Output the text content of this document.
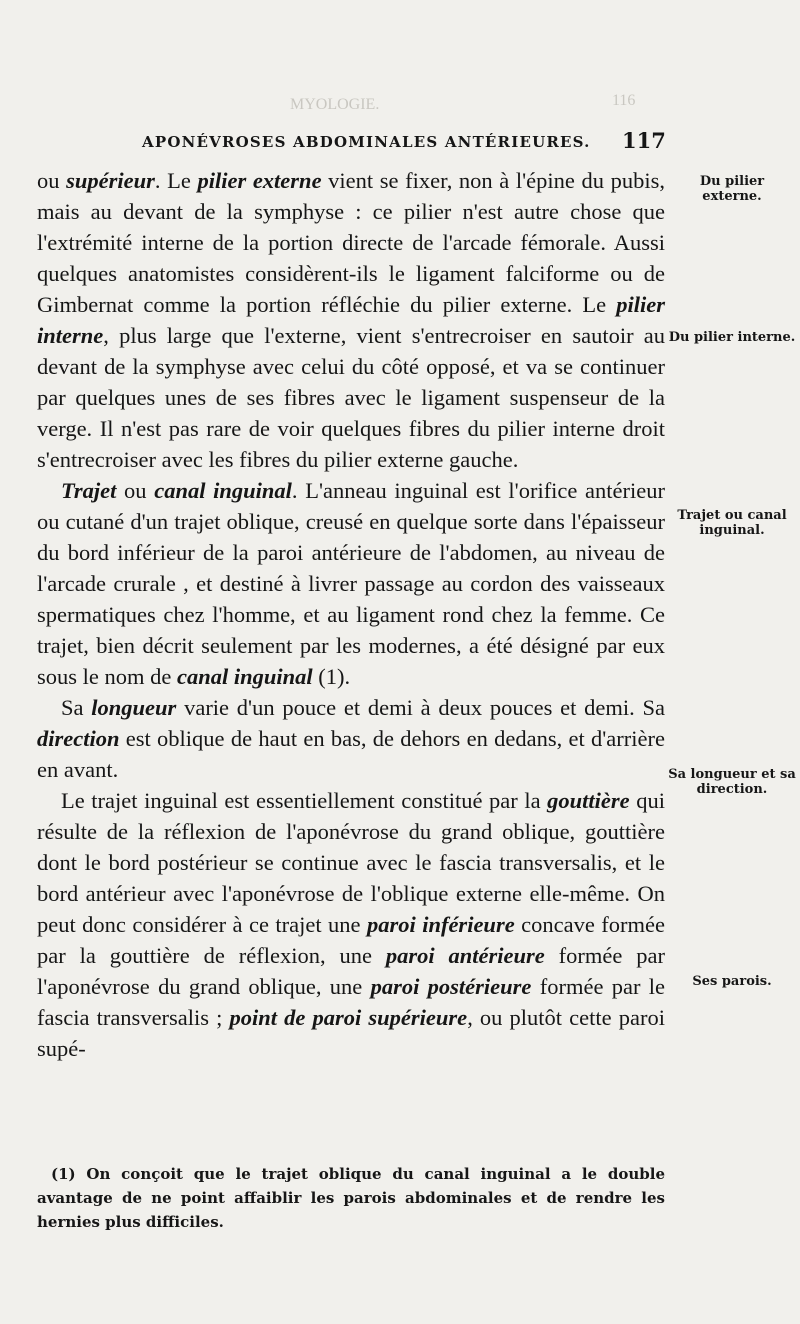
MYOLOGIE.	116
APONÉVROSES ABDOMINALES ANTÉRIEURES.	117

ou supérieur. Le pilier externe vient se fixer, non à l'épine du pubis, mais au devant de la symphyse : ce pilier n'est autre chose que l'extrémité interne de la portion directe de l'arcade fémorale. Aussi quelques anatomistes considèrent-ils le ligament falciforme ou de Gimbernat comme la portion réfléchie du pilier externe. Le pilier interne, plus large que l'externe, vient s'entrecroiser en sautoir au devant de la symphyse avec celui du côté opposé, et va se continuer par quelques unes de ses fibres avec le ligament suspenseur de la verge. Il n'est pas rare de voir quelques fibres du pilier interne droit s'entrecroiser avec les fibres du pilier externe gauche.

Trajet ou canal inguinal. L'anneau inguinal est l'orifice antérieur ou cutané d'un trajet oblique, creusé en quelque sorte dans l'épaisseur du bord inférieur de la paroi antérieure de l'abdomen, au niveau de l'arcade crurale , et destiné à livrer passage au cordon des vaisseaux spermatiques chez l'homme, et au ligament rond chez la femme. Ce trajet, bien décrit seulement par les modernes, a été désigné par eux sous le nom de canal inguinal (1).

Sa longueur varie d'un pouce et demi à deux pouces et demi. Sa direction est oblique de haut en bas, de dehors en dedans, et d'arrière en avant.

Le trajet inguinal est essentiellement constitué par la gouttière qui résulte de la réflexion de l'aponévrose du grand oblique, gouttière dont le bord postérieur se continue avec le fascia transversalis, et le bord antérieur avec l'aponévrose de l'oblique externe elle-même. On peut donc considérer à ce trajet une paroi inférieure concave formée par la gouttière de réflexion, une paroi antérieure formée par l'aponévrose du grand oblique, une paroi postérieure formée par le fascia transversalis ; point de paroi supérieure, ou plutôt cette paroi supé-

Du pilier externe.
Du pilier interne.
Trajet ou canal inguinal.
Sa longueur et sa direction.
Ses parois.
(1) On conçoit que le trajet oblique du canal inguinal a le double avantage de ne point affaiblir les parois abdominales et de rendre les hernies plus difficiles.
